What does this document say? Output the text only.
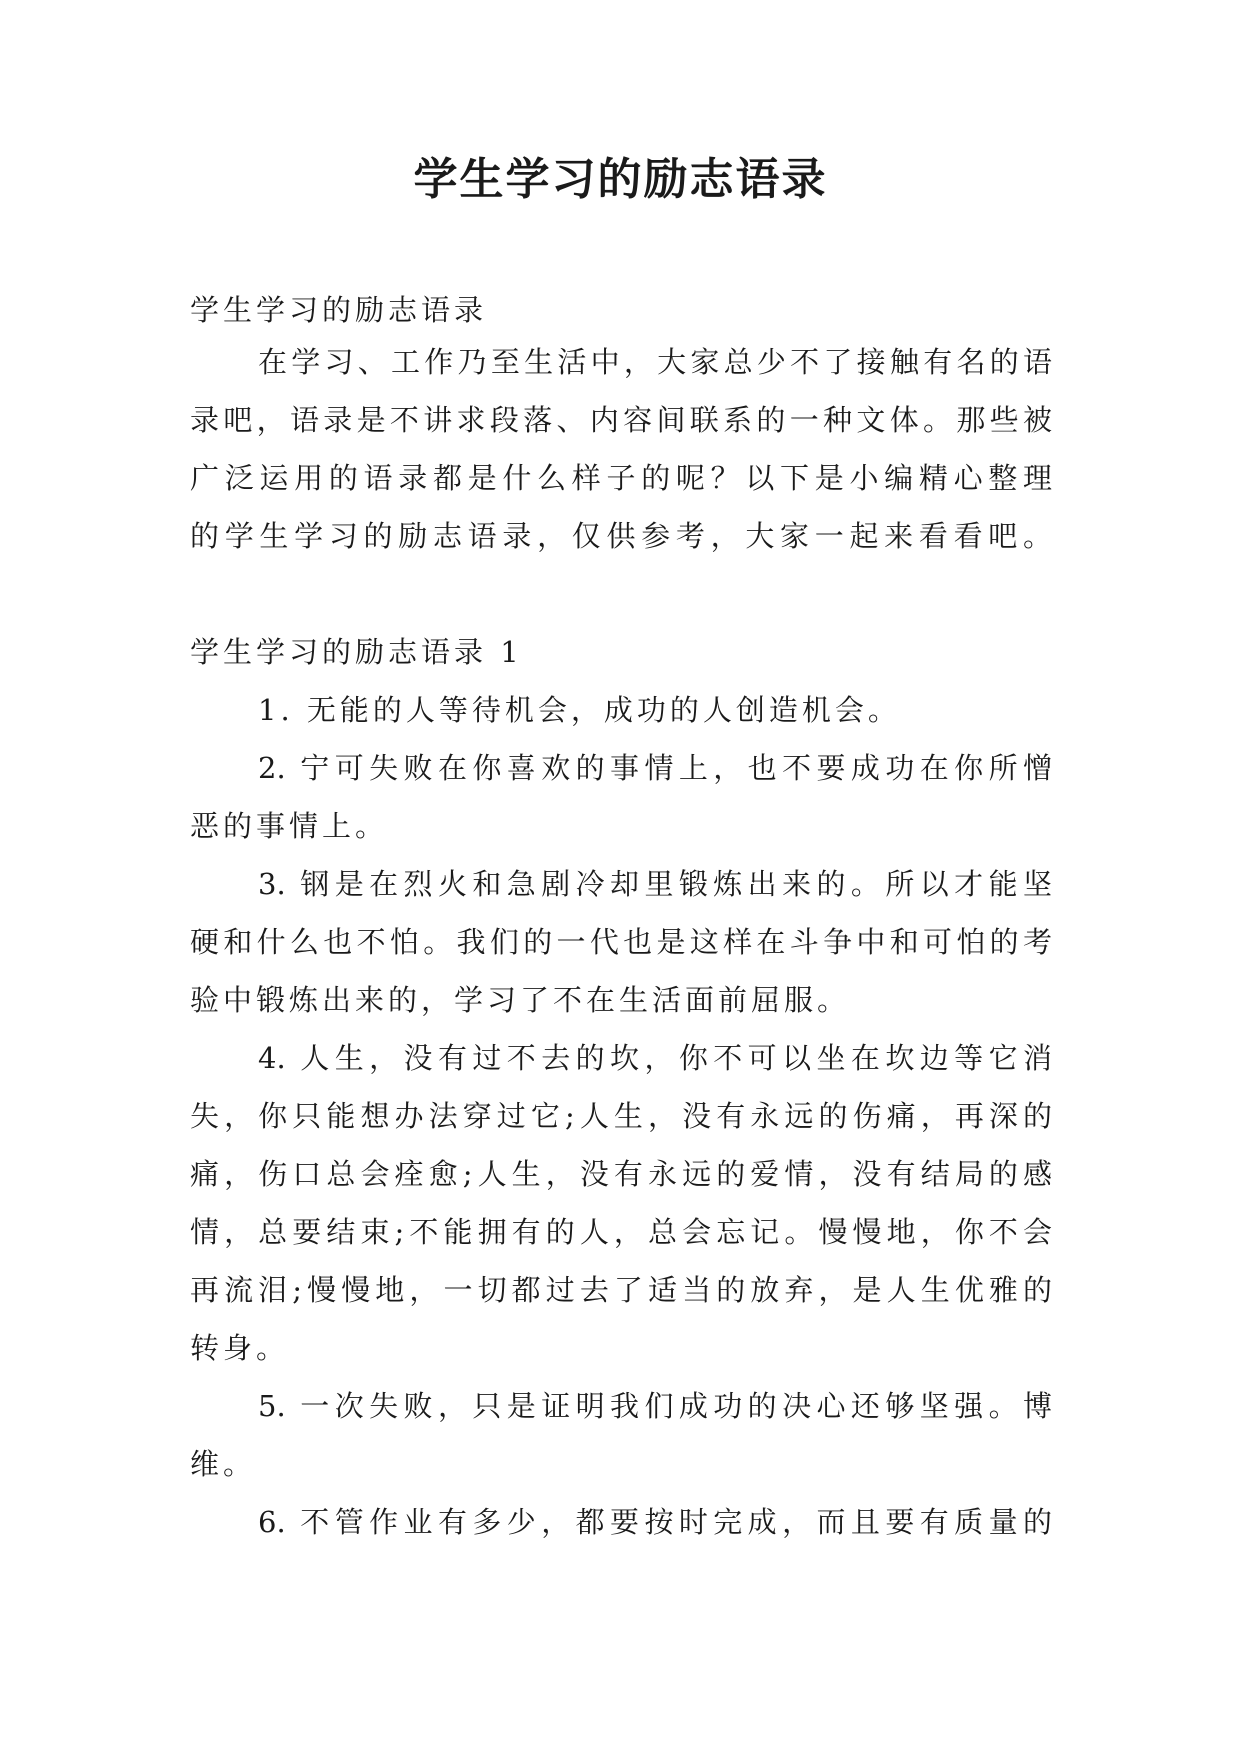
学生学习的励志语录
学生学习的励志语录
在学习、工作乃至生活中，大家总少不了接触有名的语
录吧，语录是不讲求段落、内容间联系的一种文体。那些被
广泛运用的语录都是什么样子的呢？以下是小编精心整理
的学生学习的励志语录，仅供参考，大家一起来看看吧。
学生学习的励志语录 1
1. 无能的人等待机会，成功的人创造机会。
2. 宁可失败在你喜欢的事情上，也不要成功在你所憎
恶的事情上。
3. 钢是在烈火和急剧冷却里锻炼出来的。所以才能坚
硬和什么也不怕。我们的一代也是这样在斗争中和可怕的考
验中锻炼出来的，学习了不在生活面前屈服。
4. 人生，没有过不去的坎，你不可以坐在坎边等它消
失，你只能想办法穿过它;人生，没有永远的伤痛，再深的
痛，伤口总会痊愈;人生，没有永远的爱情，没有结局的感
情，总要结束;不能拥有的人，总会忘记。慢慢地，你不会
再流泪;慢慢地，一切都过去了适当的放弃，是人生优雅的
转身。
5. 一次失败，只是证明我们成功的决心还够坚强。博
维。
6. 不管作业有多少，都要按时完成，而且要有质量的
